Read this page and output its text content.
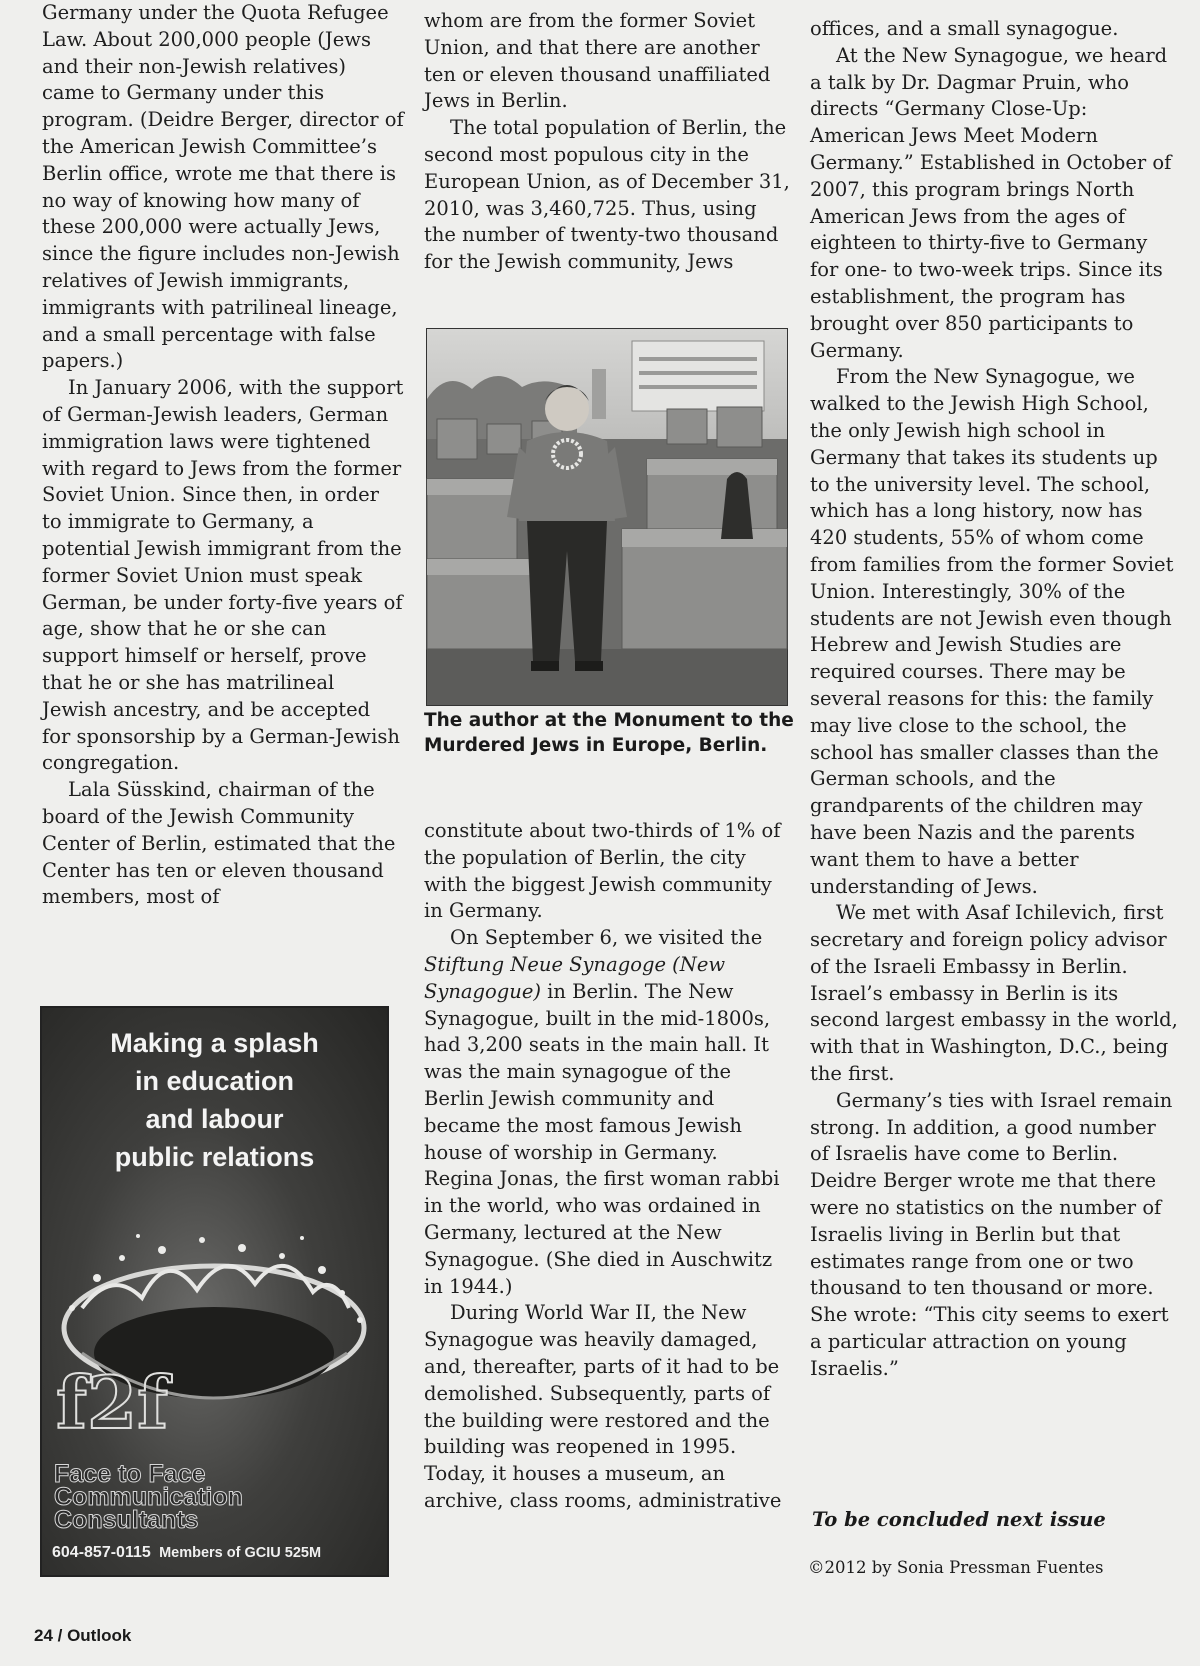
Germany under the Quota Refugee Law. About 200,000 people (Jews and their non-Jewish relatives) came to Germany under this program. (Deidre Berger, director of the American Jewish Committee’s Berlin office, wrote me that there is no way of knowing how many of these 200,000 were actually Jews, since the figure includes non-Jewish relatives of Jewish immigrants, immigrants with patrilineal lineage, and a small percentage with false papers.)

In January 2006, with the support of German-Jewish leaders, German immigration laws were tightened with regard to Jews from the former Soviet Union. Since then, in order to immigrate to Germany, a potential Jewish immigrant from the former Soviet Union must speak German, be under forty-five years of age, show that he or she can support himself or herself, prove that he or she has matrilineal Jewish ancestry, and be accepted for sponsorship by a German-Jewish congregation.

Lala Süsskind, chairman of the board of the Jewish Community Center of Berlin, estimated that the Center has ten or eleven thousand members, most of

whom are from the former Soviet Union, and that there are another ten or eleven thousand unaffiliated Jews in Berlin.

The total population of Berlin, the second most populous city in the European Union, as of December 31, 2010, was 3,460,725. Thus, using the number of twenty-two thousand for the Jewish community, Jews

The author at the Monument to the Murdered Jews in Europe, Berlin.

constitute about two-thirds of 1% of the population of Berlin, the city with the biggest Jewish community in Germany.

On September 6, we visited the Stiftung Neue Synagoge (New Synagogue) in Berlin. The New Synagogue, built in the mid-1800s, had 3,200 seats in the main hall. It was the main synagogue of the Berlin Jewish community and became the most famous Jewish house of worship in Germany. Regina Jonas, the first woman rabbi in the world, who was ordained in Germany, lectured at the New Synagogue. (She died in Auschwitz in 1944.)

During World War II, the New Synagogue was heavily damaged, and, thereafter, parts of it had to be demolished. Subsequently, parts of the building were restored and the building was reopened in 1995. Today, it houses a museum, an archive, class rooms, administrative

offices, and a small synagogue.

At the New Synagogue, we heard a talk by Dr. Dagmar Pruin, who directs “Germany Close-Up: American Jews Meet Modern Germany.” Established in October of 2007, this program brings North American Jews from the ages of eighteen to thirty-five to Germany for one- to two-week trips. Since its establishment, the program has brought over 850 participants to Germany.

From the New Synagogue, we walked to the Jewish High School, the only Jewish high school in Germany that takes its students up to the university level. The school, which has a long history, now has 420 students, 55% of whom come from families from the former Soviet Union. Interestingly, 30% of the students are not Jewish even though Hebrew and Jewish Studies are required courses. There may be several reasons for this: the family may live close to the school, the school has smaller classes than the German schools, and the grandparents of the children may have been Nazis and the parents want them to have a better understanding of Jews.

We met with Asaf Ichilevich, first secretary and foreign policy advisor of the Israeli Embassy in Berlin. Israel’s embassy in Berlin is its second largest embassy in the world, with that in Washington, D.C., being the first.

Germany’s ties with Israel remain strong. In addition, a good number of Israelis have come to Berlin. Deidre Berger wrote me that there were no statistics on the number of Israelis living in Berlin but that estimates range from one or two thousand to ten thousand or more. She wrote: “This city seems to exert a particular attraction on young Israelis.”

To be concluded next issue
©2012 by Sonia Pressman Fuentes
Making a splash
in education
and labour
public relations
f2f
Face to Face
Communication
Consultants
604-857-0115 Members of GCIU 525M
24 / Outlook
